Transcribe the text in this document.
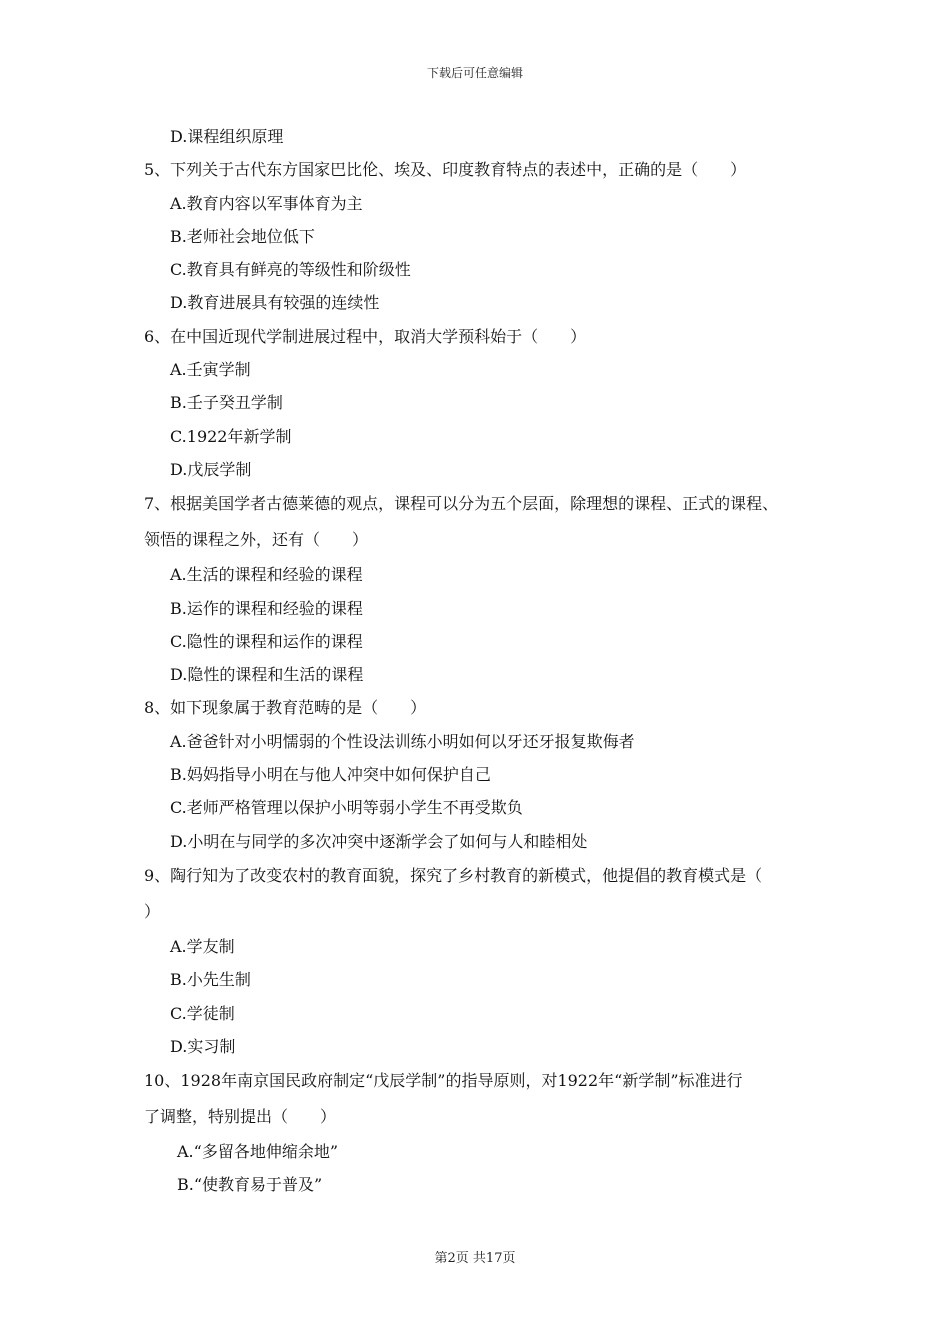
下载后可任意编辑
D.课程组织原理
5、下列关于古代东方国家巴比伦、埃及、印度教育特点的表述中，正确的是（　　）
A.教育内容以军事体育为主
B.老师社会地位低下
C.教育具有鲜亮的等级性和阶级性
D.教育进展具有较强的连续性
6、在中国近现代学制进展过程中，取消大学预科始于（　　）
A.壬寅学制
B.壬子癸丑学制
C.1922年新学制
D.戊辰学制
7、根据美国学者古德莱德的观点，课程可以分为五个层面，除理想的课程、正式的课程、
领悟的课程之外，还有（　　）
A.生活的课程和经验的课程
B.运作的课程和经验的课程
C.隐性的课程和运作的课程
D.隐性的课程和生活的课程
8、如下现象属于教育范畴的是（　　）
A.爸爸针对小明懦弱的个性设法训练小明如何以牙还牙报复欺侮者
B.妈妈指导小明在与他人冲突中如何保护自己
C.老师严格管理以保护小明等弱小学生不再受欺负
D.小明在与同学的多次冲突中逐渐学会了如何与人和睦相处
9、陶行知为了改变农村的教育面貌，探究了乡村教育的新模式，他提倡的教育模式是（
）
A.学友制
B.小先生制
C.学徒制
D.实习制
10、1928年南京国民政府制定“戊辰学制”的指导原则，对1922年“新学制”标准进行
了调整，特别提出（　　）
A.“多留各地伸缩余地”
B.“使教育易于普及”
第2页 共17页
